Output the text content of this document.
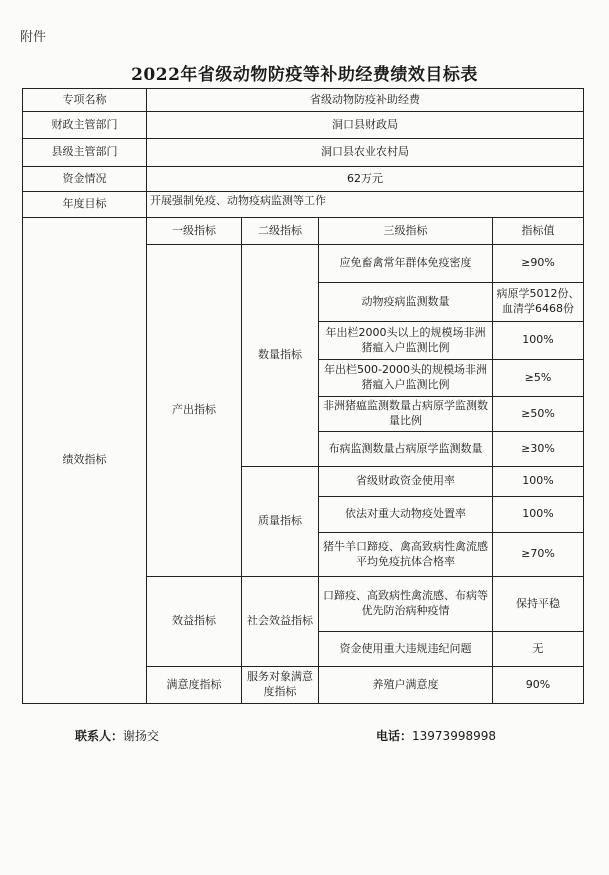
附件
2022年省级动物防疫等补助经费绩效目标表
专项名称	省级动物防疫补助经费			
财政主管部门	洞口县财政局			
县级主管部门	洞口县农业农村局			
资金情况	62万元			
年度目标	开展强制免疫、动物疫病监测等工作			
绩效指标	一级指标	二级指标	三级指标	指标值
	产出指标	数量指标	应免畜禽常年群体免疫密度	≥90%
			动物疫病监测数量	病原学5012份、血清学6468份
			年出栏2000头以上的规模场非洲猪瘟入户监测比例	100%
			年出栏500-2000头的规模场非洲猪瘟入户监测比例	≥5%
			非洲猪瘟监测数量占病原学监测数量比例	≥50%
			布病监测数量占病原学监测数量	≥30%
		质量指标	省级财政资金使用率	100%
			依法对重大动物疫处置率	100%
			猪牛羊口蹄疫、禽高致病性禽流感平均免疫抗体合格率	≥70%
	效益指标	社会效益指标	口蹄疫、高致病性禽流感、布病等优先防治病种疫情	保持平稳
			资金使用重大违规违纪问题	无
	满意度指标	服务对象满意度指标	养殖户满意度	90%
联系人：谢扬交	电话：13973998998
